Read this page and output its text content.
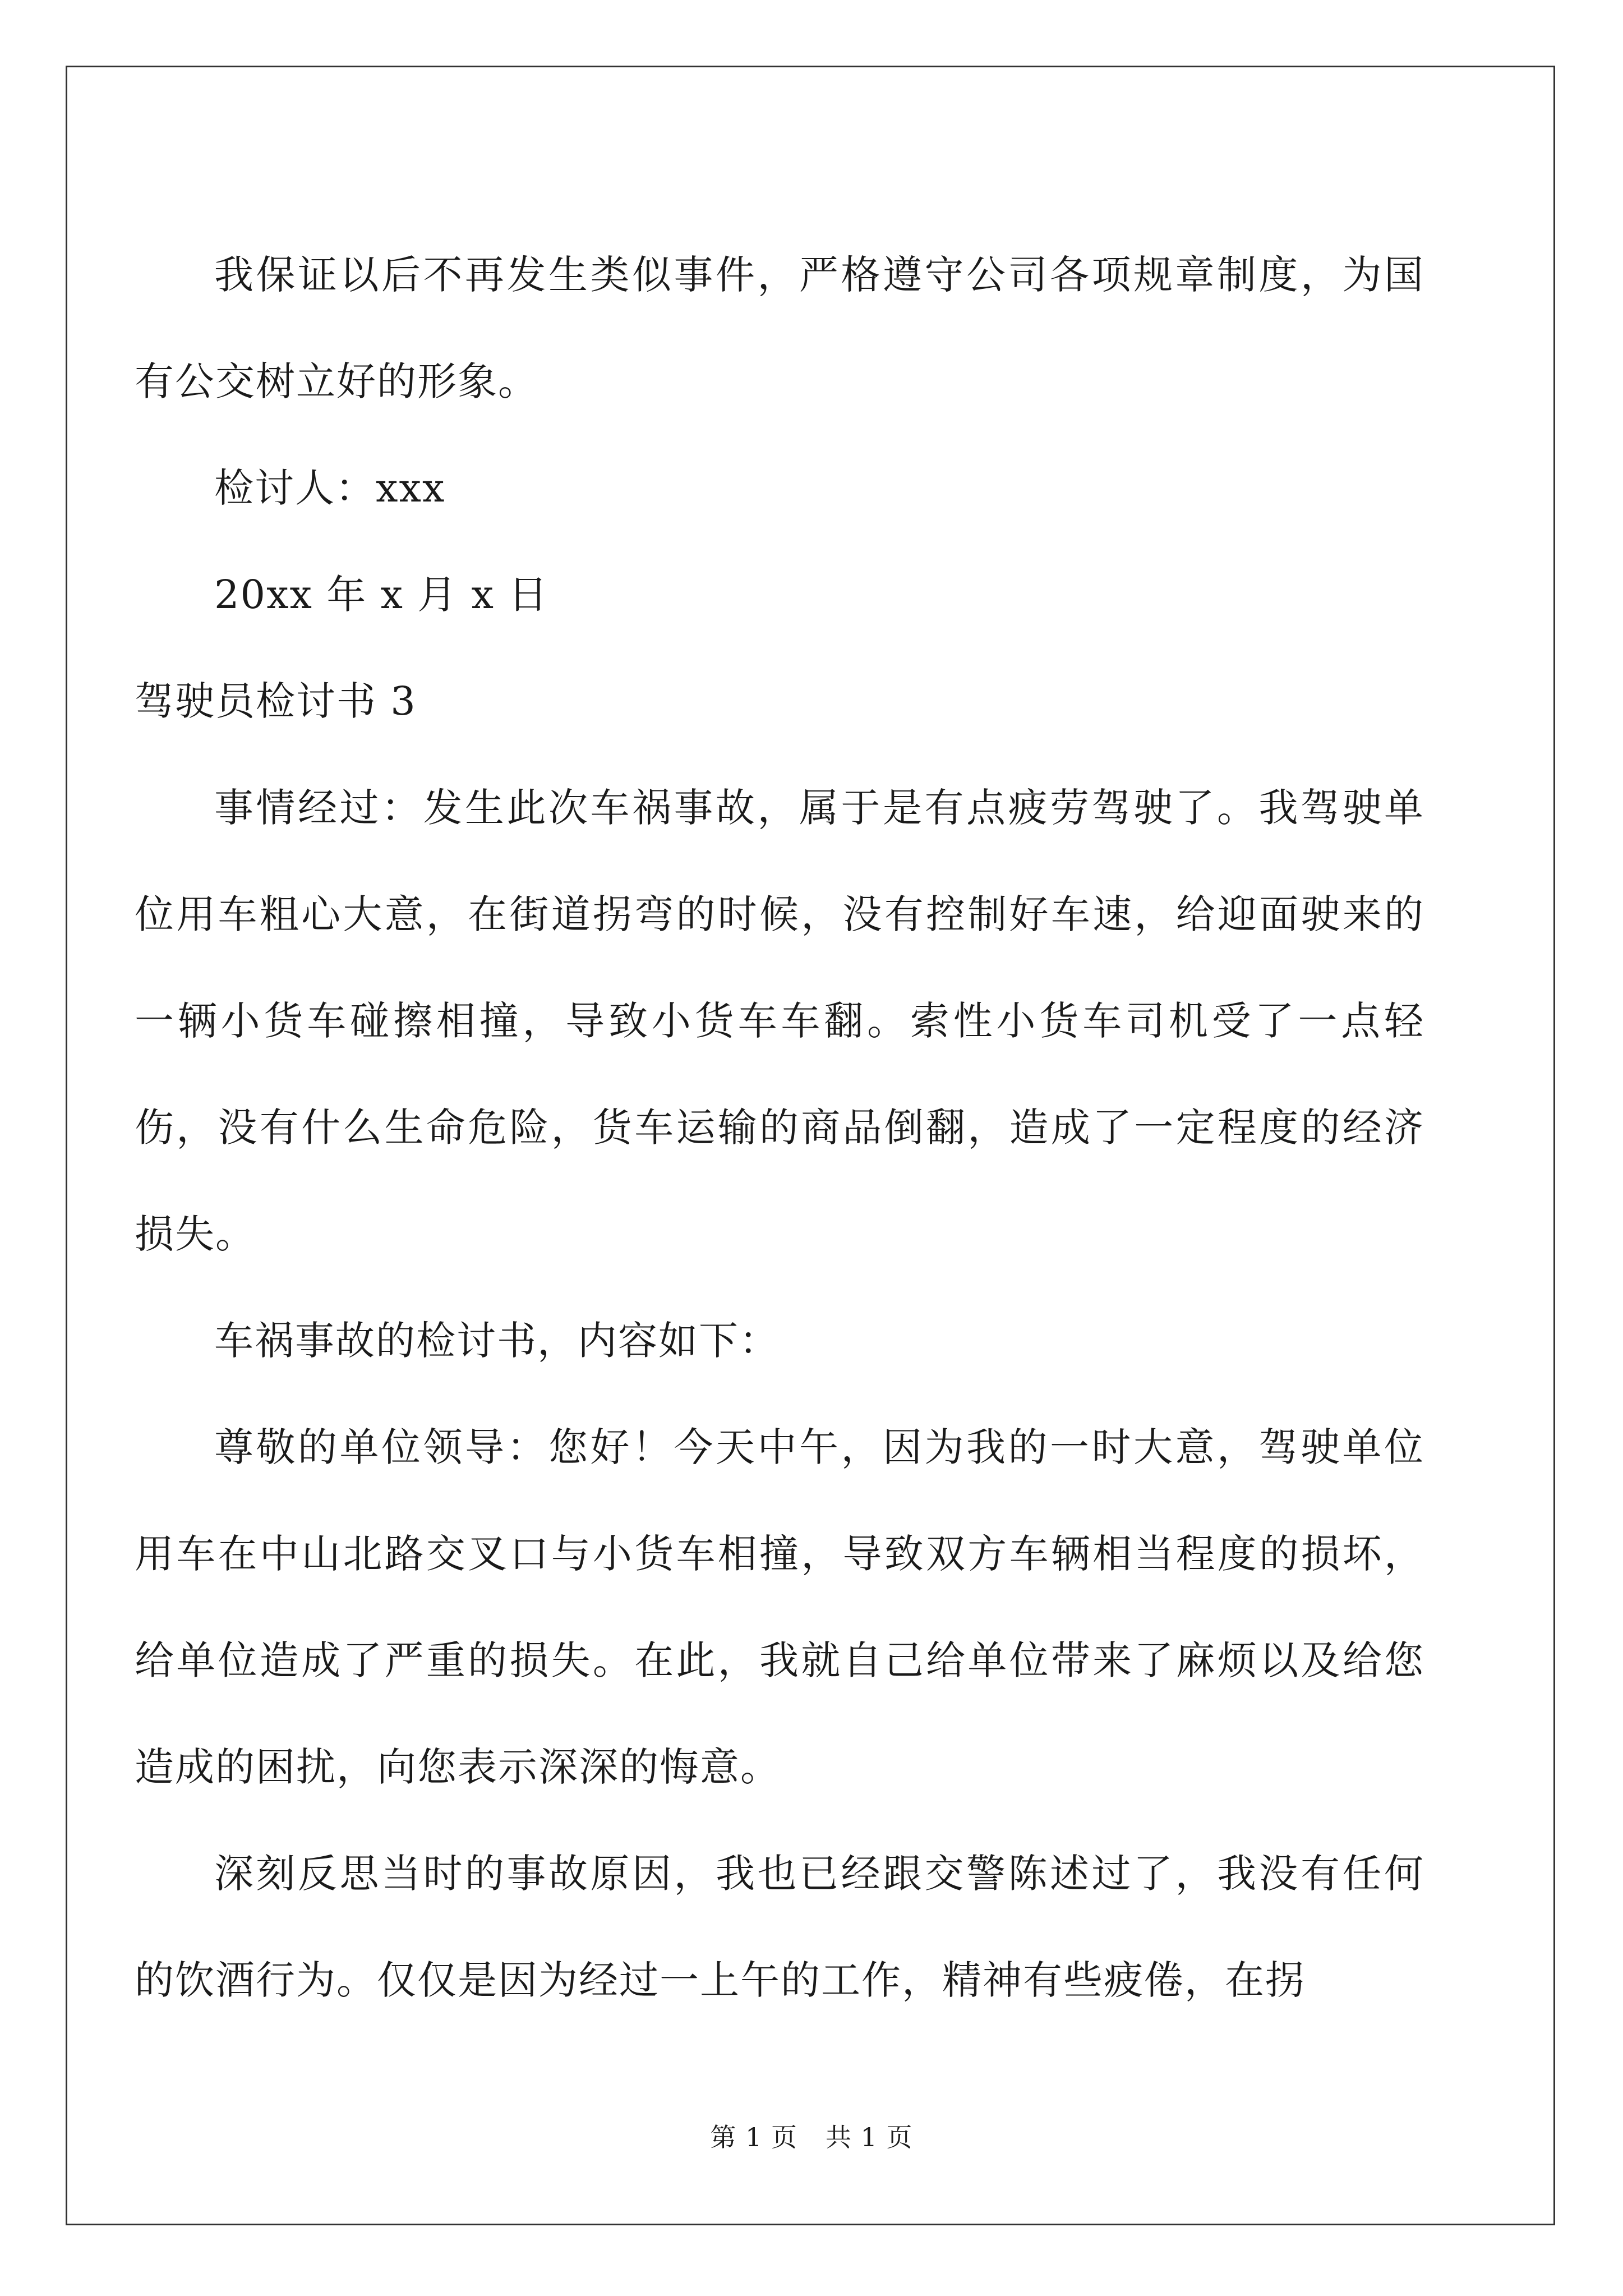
我保证以后不再发生类似事件，严格遵守公司各项规章制度，为国有公交树立好的形象。

检讨人：xxx

20xx 年 x 月 x 日

驾驶员检讨书 3

事情经过：发生此次车祸事故，属于是有点疲劳驾驶了。我驾驶单位用车粗心大意，在街道拐弯的时候，没有控制好车速，给迎面驶来的一辆小货车碰擦相撞，导致小货车车翻。索性小货车司机受了一点轻伤，没有什么生命危险，货车运输的商品倒翻，造成了一定程度的经济损失。

车祸事故的检讨书，内容如下：

尊敬的单位领导：您好！今天中午，因为我的一时大意，驾驶单位用车在中山北路交叉口与小货车相撞，导致双方车辆相当程度的损坏，给单位造成了严重的损失。在此，我就自己给单位带来了麻烦以及给您造成的困扰，向您表示深深的悔意。

深刻反思当时的事故原因，我也已经跟交警陈述过了，我没有任何的饮酒行为。仅仅是因为经过一上午的工作，精神有些疲倦，在拐

第 1 页 共 1 页
